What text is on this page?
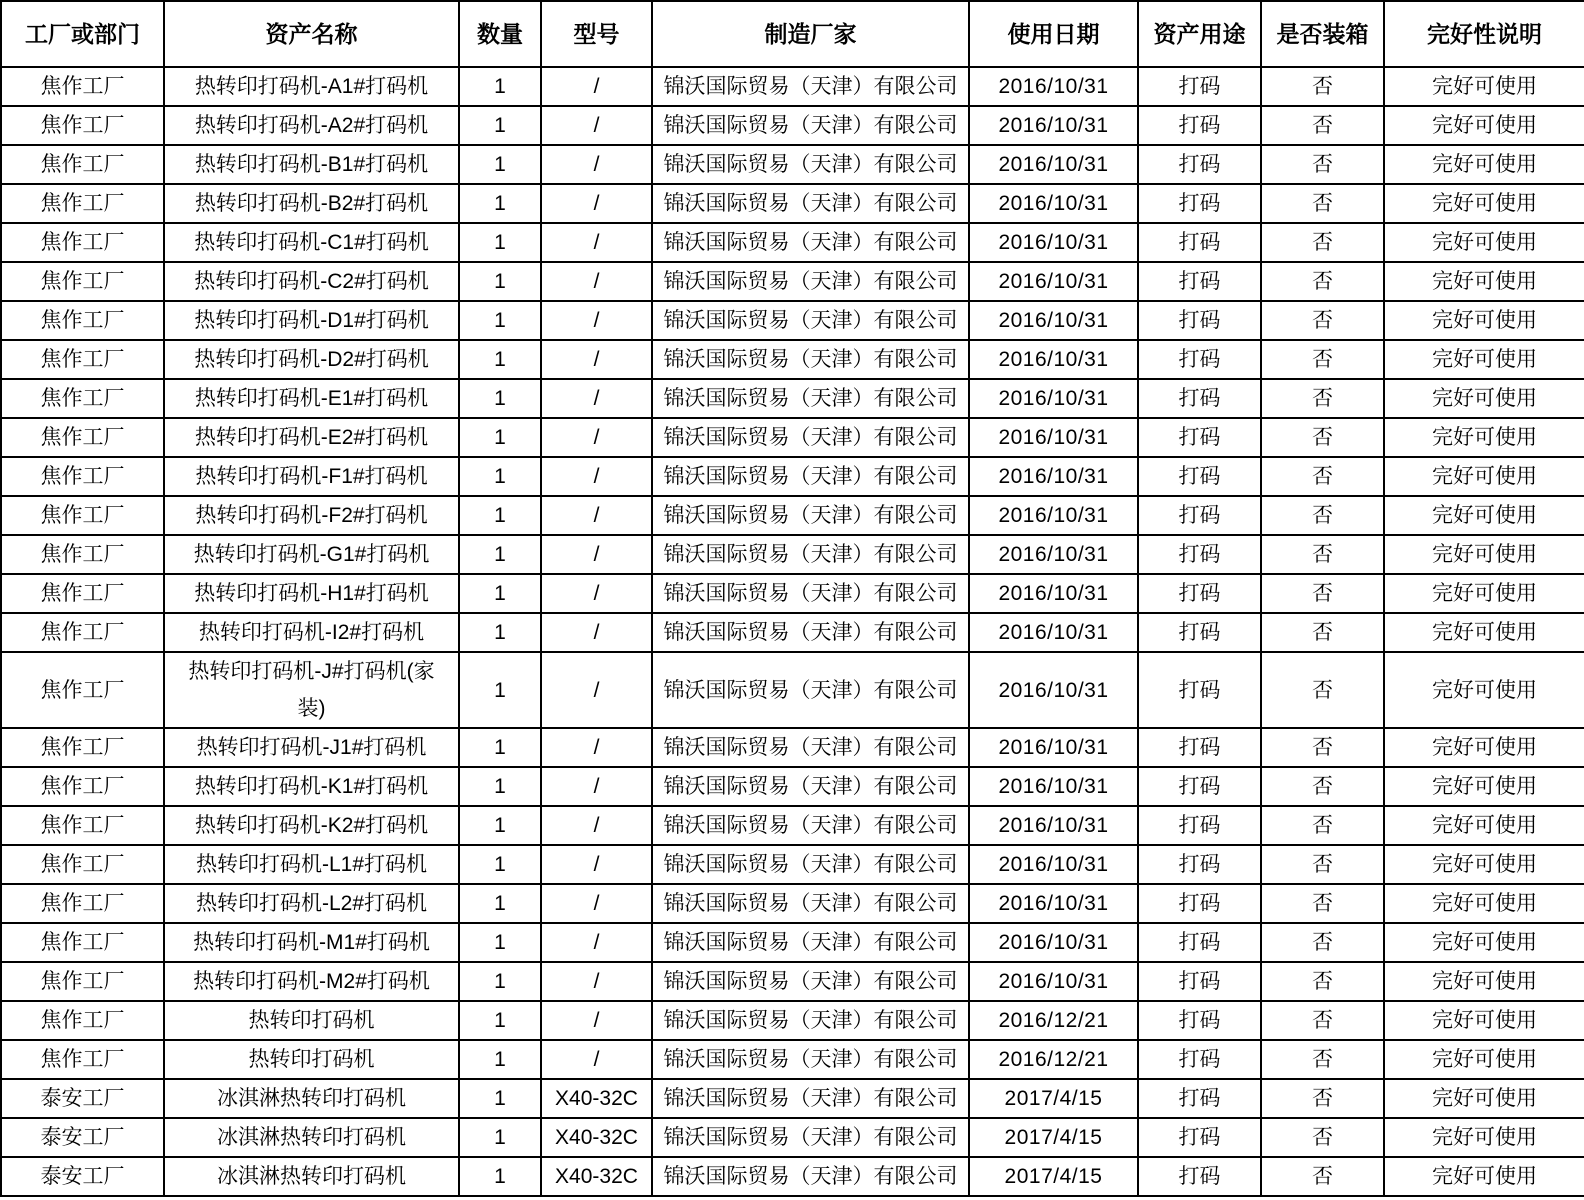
工厂或部门	资产名称	数量	型号	制造厂家	使用日期	资产用途	是否装箱	完好性说明
焦作工厂	热转印打码机-A1#打码机	1	/	锦沃国际贸易（天津）有限公司	2016/10/31	打码	否	完好可使用
焦作工厂	热转印打码机-A2#打码机	1	/	锦沃国际贸易（天津）有限公司	2016/10/31	打码	否	完好可使用
焦作工厂	热转印打码机-B1#打码机	1	/	锦沃国际贸易（天津）有限公司	2016/10/31	打码	否	完好可使用
焦作工厂	热转印打码机-B2#打码机	1	/	锦沃国际贸易（天津）有限公司	2016/10/31	打码	否	完好可使用
焦作工厂	热转印打码机-C1#打码机	1	/	锦沃国际贸易（天津）有限公司	2016/10/31	打码	否	完好可使用
焦作工厂	热转印打码机-C2#打码机	1	/	锦沃国际贸易（天津）有限公司	2016/10/31	打码	否	完好可使用
焦作工厂	热转印打码机-D1#打码机	1	/	锦沃国际贸易（天津）有限公司	2016/10/31	打码	否	完好可使用
焦作工厂	热转印打码机-D2#打码机	1	/	锦沃国际贸易（天津）有限公司	2016/10/31	打码	否	完好可使用
焦作工厂	热转印打码机-E1#打码机	1	/	锦沃国际贸易（天津）有限公司	2016/10/31	打码	否	完好可使用
焦作工厂	热转印打码机-E2#打码机	1	/	锦沃国际贸易（天津）有限公司	2016/10/31	打码	否	完好可使用
焦作工厂	热转印打码机-F1#打码机	1	/	锦沃国际贸易（天津）有限公司	2016/10/31	打码	否	完好可使用
焦作工厂	热转印打码机-F2#打码机	1	/	锦沃国际贸易（天津）有限公司	2016/10/31	打码	否	完好可使用
焦作工厂	热转印打码机-G1#打码机	1	/	锦沃国际贸易（天津）有限公司	2016/10/31	打码	否	完好可使用
焦作工厂	热转印打码机-H1#打码机	1	/	锦沃国际贸易（天津）有限公司	2016/10/31	打码	否	完好可使用
焦作工厂	热转印打码机-I2#打码机	1	/	锦沃国际贸易（天津）有限公司	2016/10/31	打码	否	完好可使用
焦作工厂	热转印打码机-J#打码机(家装)	1	/	锦沃国际贸易（天津）有限公司	2016/10/31	打码	否	完好可使用
焦作工厂	热转印打码机-J1#打码机	1	/	锦沃国际贸易（天津）有限公司	2016/10/31	打码	否	完好可使用
焦作工厂	热转印打码机-K1#打码机	1	/	锦沃国际贸易（天津）有限公司	2016/10/31	打码	否	完好可使用
焦作工厂	热转印打码机-K2#打码机	1	/	锦沃国际贸易（天津）有限公司	2016/10/31	打码	否	完好可使用
焦作工厂	热转印打码机-L1#打码机	1	/	锦沃国际贸易（天津）有限公司	2016/10/31	打码	否	完好可使用
焦作工厂	热转印打码机-L2#打码机	1	/	锦沃国际贸易（天津）有限公司	2016/10/31	打码	否	完好可使用
焦作工厂	热转印打码机-M1#打码机	1	/	锦沃国际贸易（天津）有限公司	2016/10/31	打码	否	完好可使用
焦作工厂	热转印打码机-M2#打码机	1	/	锦沃国际贸易（天津）有限公司	2016/10/31	打码	否	完好可使用
焦作工厂	热转印打码机	1	/	锦沃国际贸易（天津）有限公司	2016/12/21	打码	否	完好可使用
焦作工厂	热转印打码机	1	/	锦沃国际贸易（天津）有限公司	2016/12/21	打码	否	完好可使用
泰安工厂	冰淇淋热转印打码机	1	X40-32C	锦沃国际贸易（天津）有限公司	2017/4/15	打码	否	完好可使用
泰安工厂	冰淇淋热转印打码机	1	X40-32C	锦沃国际贸易（天津）有限公司	2017/4/15	打码	否	完好可使用
泰安工厂	冰淇淋热转印打码机	1	X40-32C	锦沃国际贸易（天津）有限公司	2017/4/15	打码	否	完好可使用
